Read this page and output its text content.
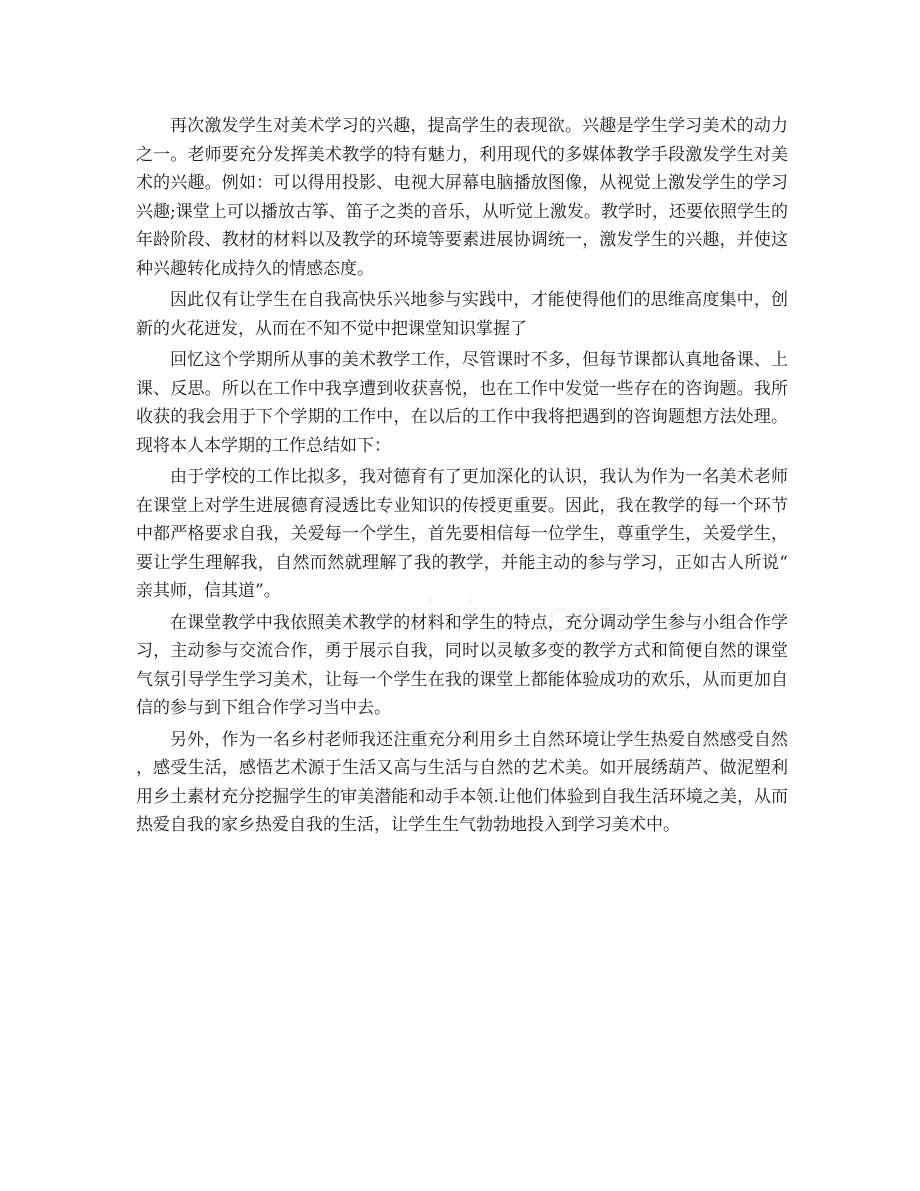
再次激发学生对美术学习的兴趣，提高学生的表现欲。兴趣是学生学习美术的动力之一。老师要充分发挥美术教学的特有魅力，利用现代的多媒体教学手段激发学生对美术的兴趣。例如：可以得用投影、电视大屏幕电脑播放图像，从视觉上激发学生的学习兴趣;课堂上可以播放古筝、笛子之类的音乐，从听觉上激发。教学时，还要依照学生的年龄阶段、教材的材料以及教学的环境等要素进展协调统一，激发学生的兴趣，并使这种兴趣转化成持久的情感态度。

因此仅有让学生在自我高快乐兴地参与实践中，才能使得他们的思维高度集中，创新的火花迸发，从而在不知不觉中把课堂知识掌握了

回忆这个学期所从事的美术教学工作，尽管课时不多，但每节课都认真地备课、上课、反思。所以在工作中我享遭到收获喜悦，也在工作中发觉一些存在的咨询题。我所收获的我会用于下个学期的工作中，在以后的工作中我将把遇到的咨询题想方法处理。现将本人本学期的工作总结如下：

由于学校的工作比拟多，我对德育有了更加深化的认识，我认为作为一名美术老师在课堂上对学生进展德育浸透比专业知识的传授更重要。因此，我在教学的每一个环节中都严格要求自我，关爱每一个学生，首先要相信每一位学生，尊重学生，关爱学生，要让学生理解我，自然而然就理解了我的教学，并能主动的参与学习，正如古人所说“亲其师，信其道”。

在课堂教学中我依照美术教学的材料和学生的特点，充分调动学生参与小组合作学习，主动参与交流合作，勇于展示自我，同时以灵敏多变的教学方式和简便自然的课堂气氛引导学生学习美术，让每一个学生在我的课堂上都能体验成功的欢乐，从而更加自信的参与到下组合作学习当中去。

另外，作为一名乡村老师我还注重充分利用乡土自然环境让学生热爱自然感受自然，感受生活，感悟艺术源于生活又高与生活与自然的艺术美。如开展绣葫芦、做泥塑利用乡土素材充分挖掘学生的审美潜能和动手本领.让他们体验到自我生活环境之美，从而热爱自我的家乡热爱自我的生活，让学生生气勃勃地投入到学习美术中。
